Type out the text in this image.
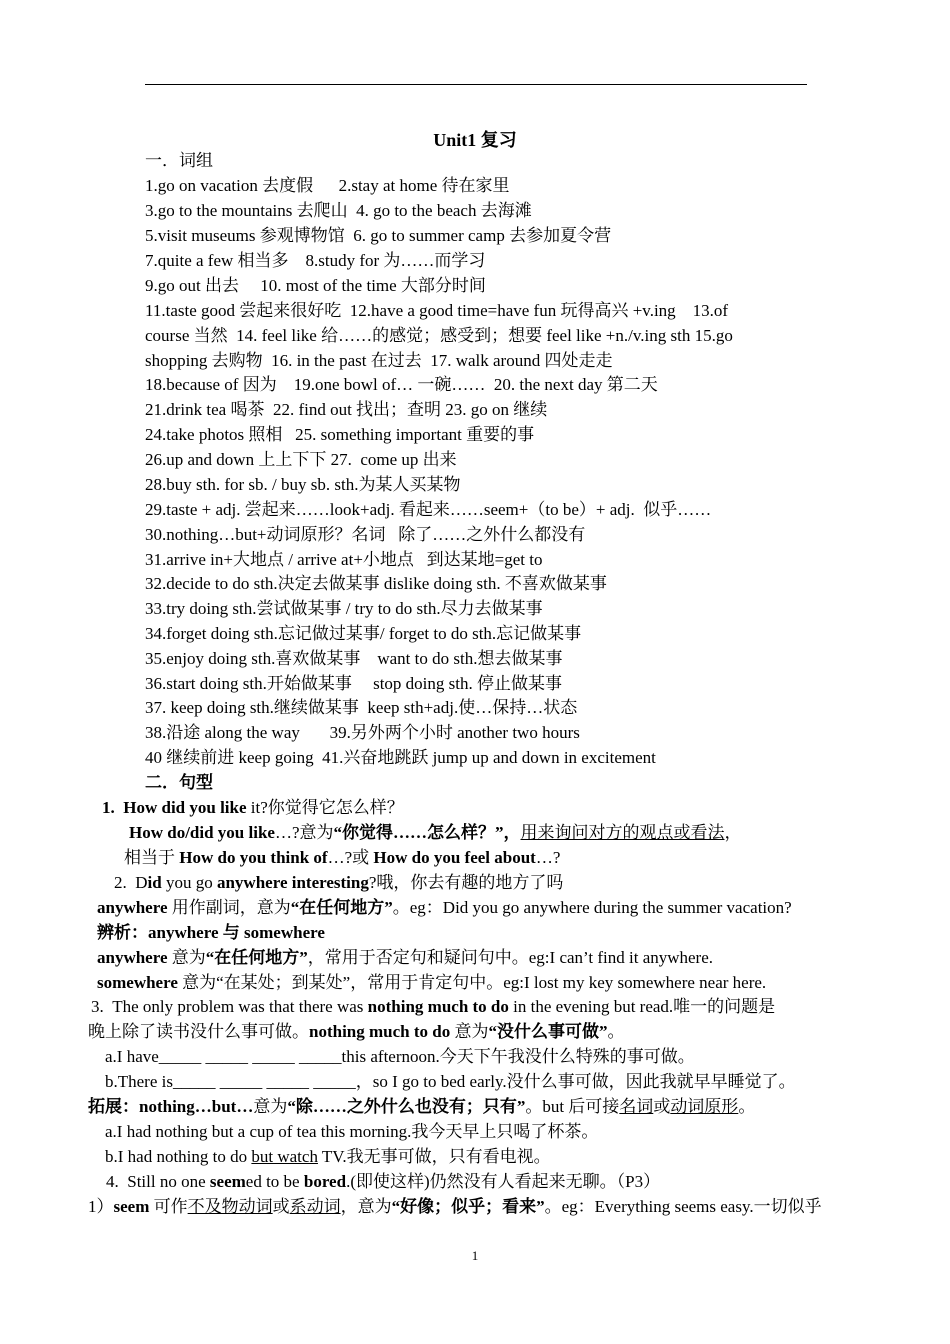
Unit1 复习
一．词组
1.go on vacation 去度假　  2.stay at home 待在家里
3.go to the mountains 去爬山  4. go to the beach 去海滩
5.visit museums 参观博物馆  6. go to summer camp 去参加夏令营
7.quite a few 相当多    8.study for 为……而学习
9.go out 出去     10. most of the time 大部分时间
11.taste good 尝起来很好吃  12.have a good time=have fun 玩得高兴 +v.ing    13.of
course 当然  14. feel like 给……的感觉；感受到；想要 feel like +n./v.ing sth 15.go
shopping 去购物  16. in the past 在过去  17. walk around 四处走走
18.because of 因为    19.one bowl of… 一碗……  20. the next day 第二天
21.drink tea 喝茶  22. find out 找出；查明 23. go on 继续
24.take photos 照相   25. something important 重要的事
26.up and down 上上下下 27.  come up 出来
28.buy sth. for sb. / buy sb. sth.为某人买某物
29.taste + adj. 尝起来……look+adj. 看起来……seem+（to be）+ adj.  似乎……
30.nothing…but+动词原形？名词   除了……之外什么都没有
31.arrive in+大地点 / arrive at+小地点   到达某地=get to
32.decide to do sth.决定去做某事 dislike doing sth. 不喜欢做某事
33.try doing sth.尝试做某事 / try to do sth.尽力去做某事
34.forget doing sth.忘记做过某事/ forget to do sth.忘记做某事
35.enjoy doing sth.喜欢做某事    want to do sth.想去做某事
36.start doing sth.开始做某事     stop doing sth. 停止做某事
37. keep doing sth.继续做某事  keep sth+adj.使…保持…状态
38.沿途 along the way       39.另外两个小时 another two hours
40 继续前进 keep going  41.兴奋地跳跃 jump up and down in excitement
二．句型
1.  How did you like it?你觉得它怎么样？
How do/did you like…?意为“你觉得……怎么样？”，用来询问对方的观点或看法，
相当于 How do you think of…?或 How do you feel about…?
2.  Did you go anywhere interesting?哦，你去有趣的地方了吗
anywhere 用作副词，意为“在任何地方”。eg：Did you go anywhere during the summer vacation?
辨析：anywhere 与 somewhere
anywhere 意为“在任何地方”，常用于否定句和疑问句中。eg:I can’t find it anywhere.
somewhere 意为“在某处；到某处”，常用于肯定句中。eg:I lost my key somewhere near here.
3.  The only problem was that there was nothing much to do in the evening but read.唯一的问题是
晚上除了读书没什么事可做。nothing much to do 意为“没什么事可做”。
a.I have_____ _____ _____ _____this afternoon.今天下午我没什么特殊的事可做。
b.There is_____ _____ _____ _____，so I go to bed early.没什么事可做，因此我就早早睡觉了。
拓展：nothing…but…意为“除……之外什么也没有；只有”。but 后可接名词或动词原形。
a.I had nothing but a cup of tea this morning.我今天早上只喝了杯茶。
b.I had nothing to do but watch TV.我无事可做，只有看电视。
4.  Still no one seemed to be bored.(即使这样)仍然没有人看起来无聊。（P3）
1）seem 可作不及物动词或系动词，意为“好像；似乎；看来”。eg：Everything seems easy.一切似乎
1
